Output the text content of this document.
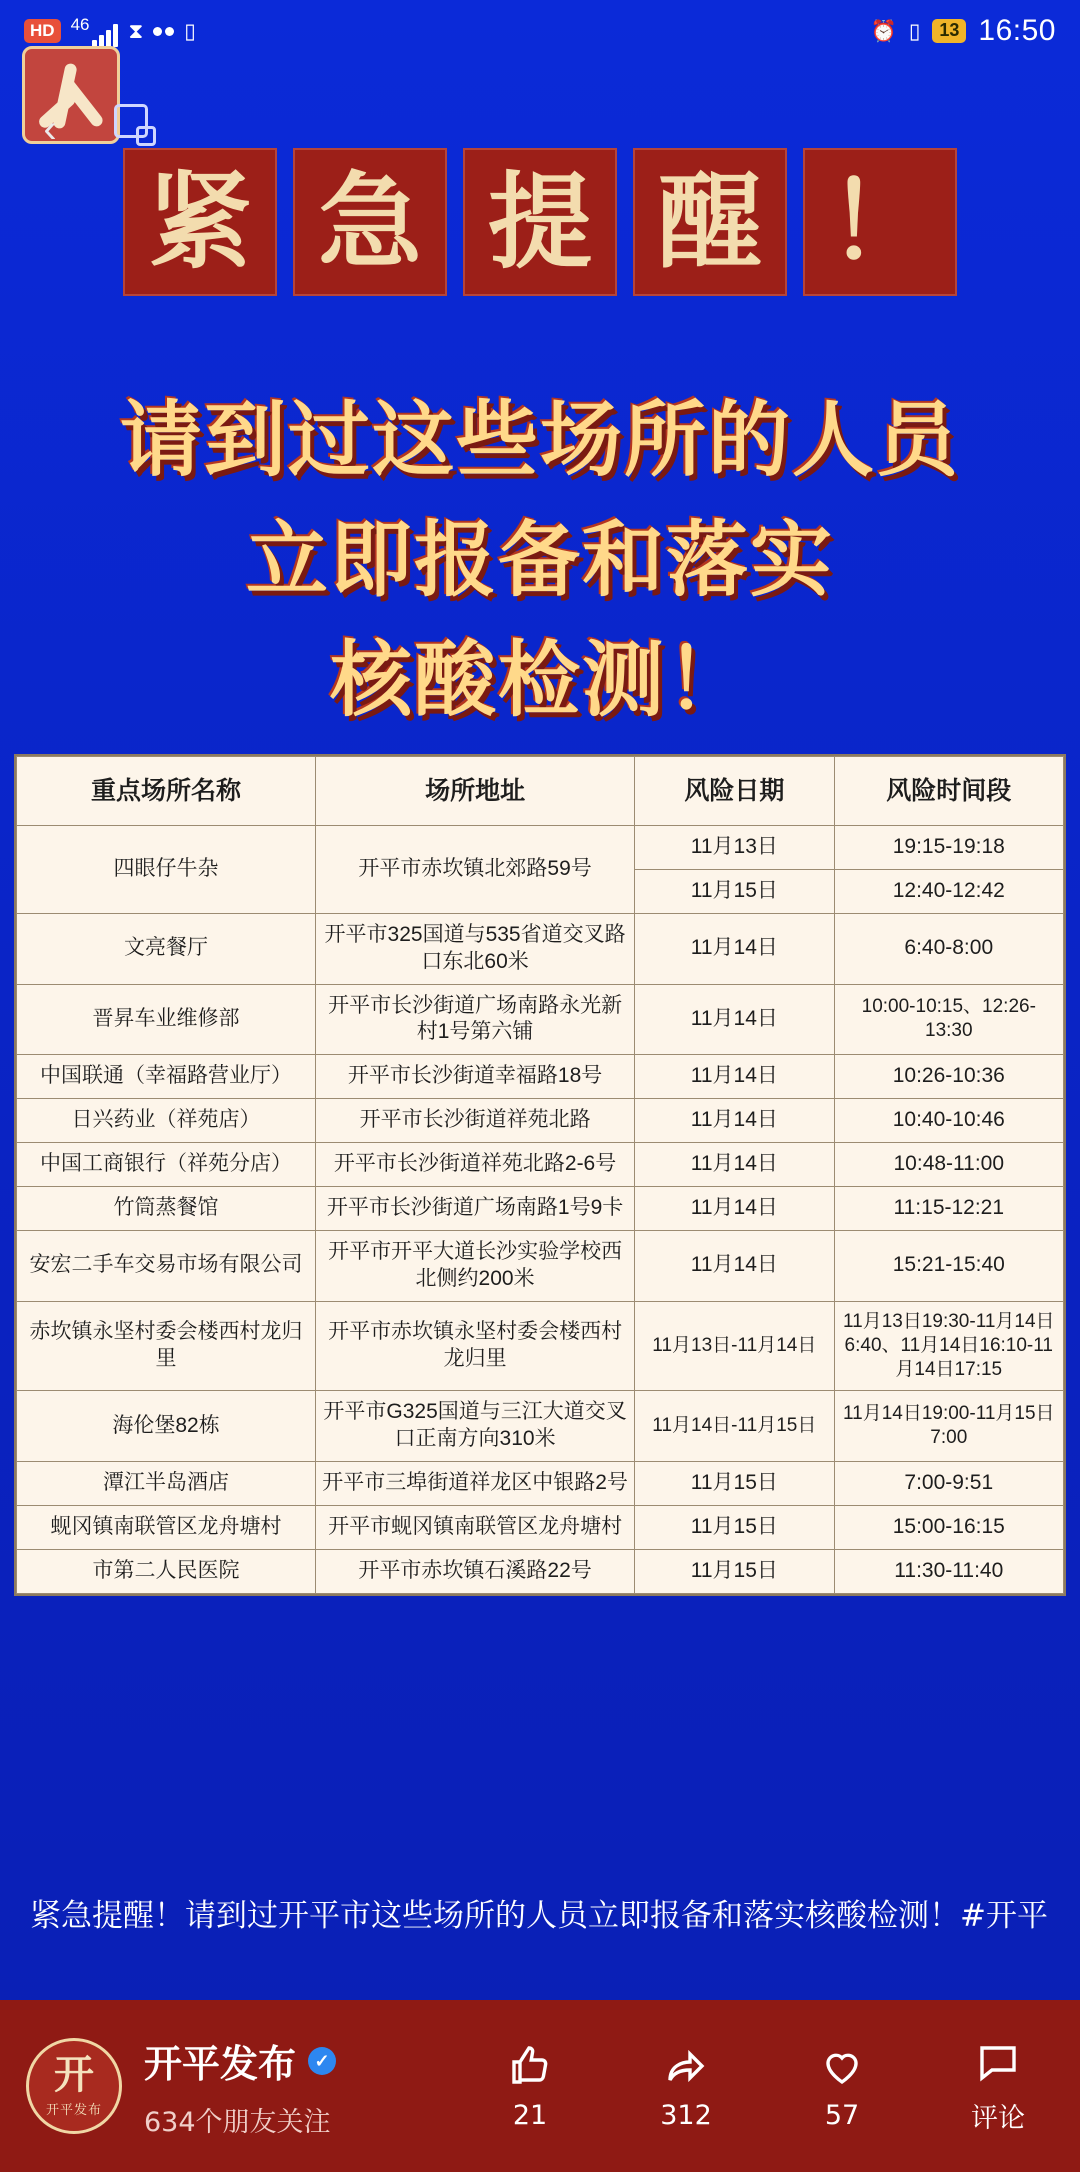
HD 46 ⧗ ▯	⏰ ▯	13 16:50
‹
紧 急 提 醒 ！
请到过这些场所的人员
立即报备和落实
核酸检测！
重点场所名称	场所地址	风险日期	风险时间段
四眼仔牛杂	开平市赤坎镇北郊路59号	11月13日	19:15-19:18
		11月15日	12:40-12:42
文亮餐厅	开平市325国道与535省道交叉路口东北60米	11月14日	6:40-8:00
晋昇车业维修部	开平市长沙街道广场南路永光新村1号第六铺	11月14日	10:00-10:15、12:26-13:30
中国联通（幸福路营业厅）	开平市长沙街道幸福路18号	11月14日	10:26-10:36
日兴药业（祥苑店）	开平市长沙街道祥苑北路	11月14日	10:40-10:46
中国工商银行（祥苑分店）	开平市长沙街道祥苑北路2-6号	11月14日	10:48-11:00
竹筒蒸餐馆	开平市长沙街道广场南路1号9卡	11月14日	11:15-12:21
安宏二手车交易市场有限公司	开平市开平大道长沙实验学校西北侧约200米	11月14日	15:21-15:40
赤坎镇永坚村委会楼西村龙归里	开平市赤坎镇永坚村委会楼西村龙归里	11月13日-11月14日	11月13日19:30-11月14日6:40、11月14日16:10-11月14日17:15
海伦堡82栋	开平市G325国道与三江大道交叉口正南方向310米	11月14日-11月15日	11月14日19:00-11月15日7:00
潭江半岛酒店	开平市三埠街道祥龙区中银路2号	11月15日	7:00-9:51
蚬冈镇南联管区龙舟塘村	开平市蚬冈镇南联管区龙舟塘村	11月15日	15:00-16:15
市第二人民医院	开平市赤坎镇石溪路22号	11月15日	11:30-11:40
紧急提醒！请到过开平市这些场所的人员立即报备和落实核酸检测！#开平
开
开平发布
开平发布	✓
634个朋友关注	21	312	57	评论
